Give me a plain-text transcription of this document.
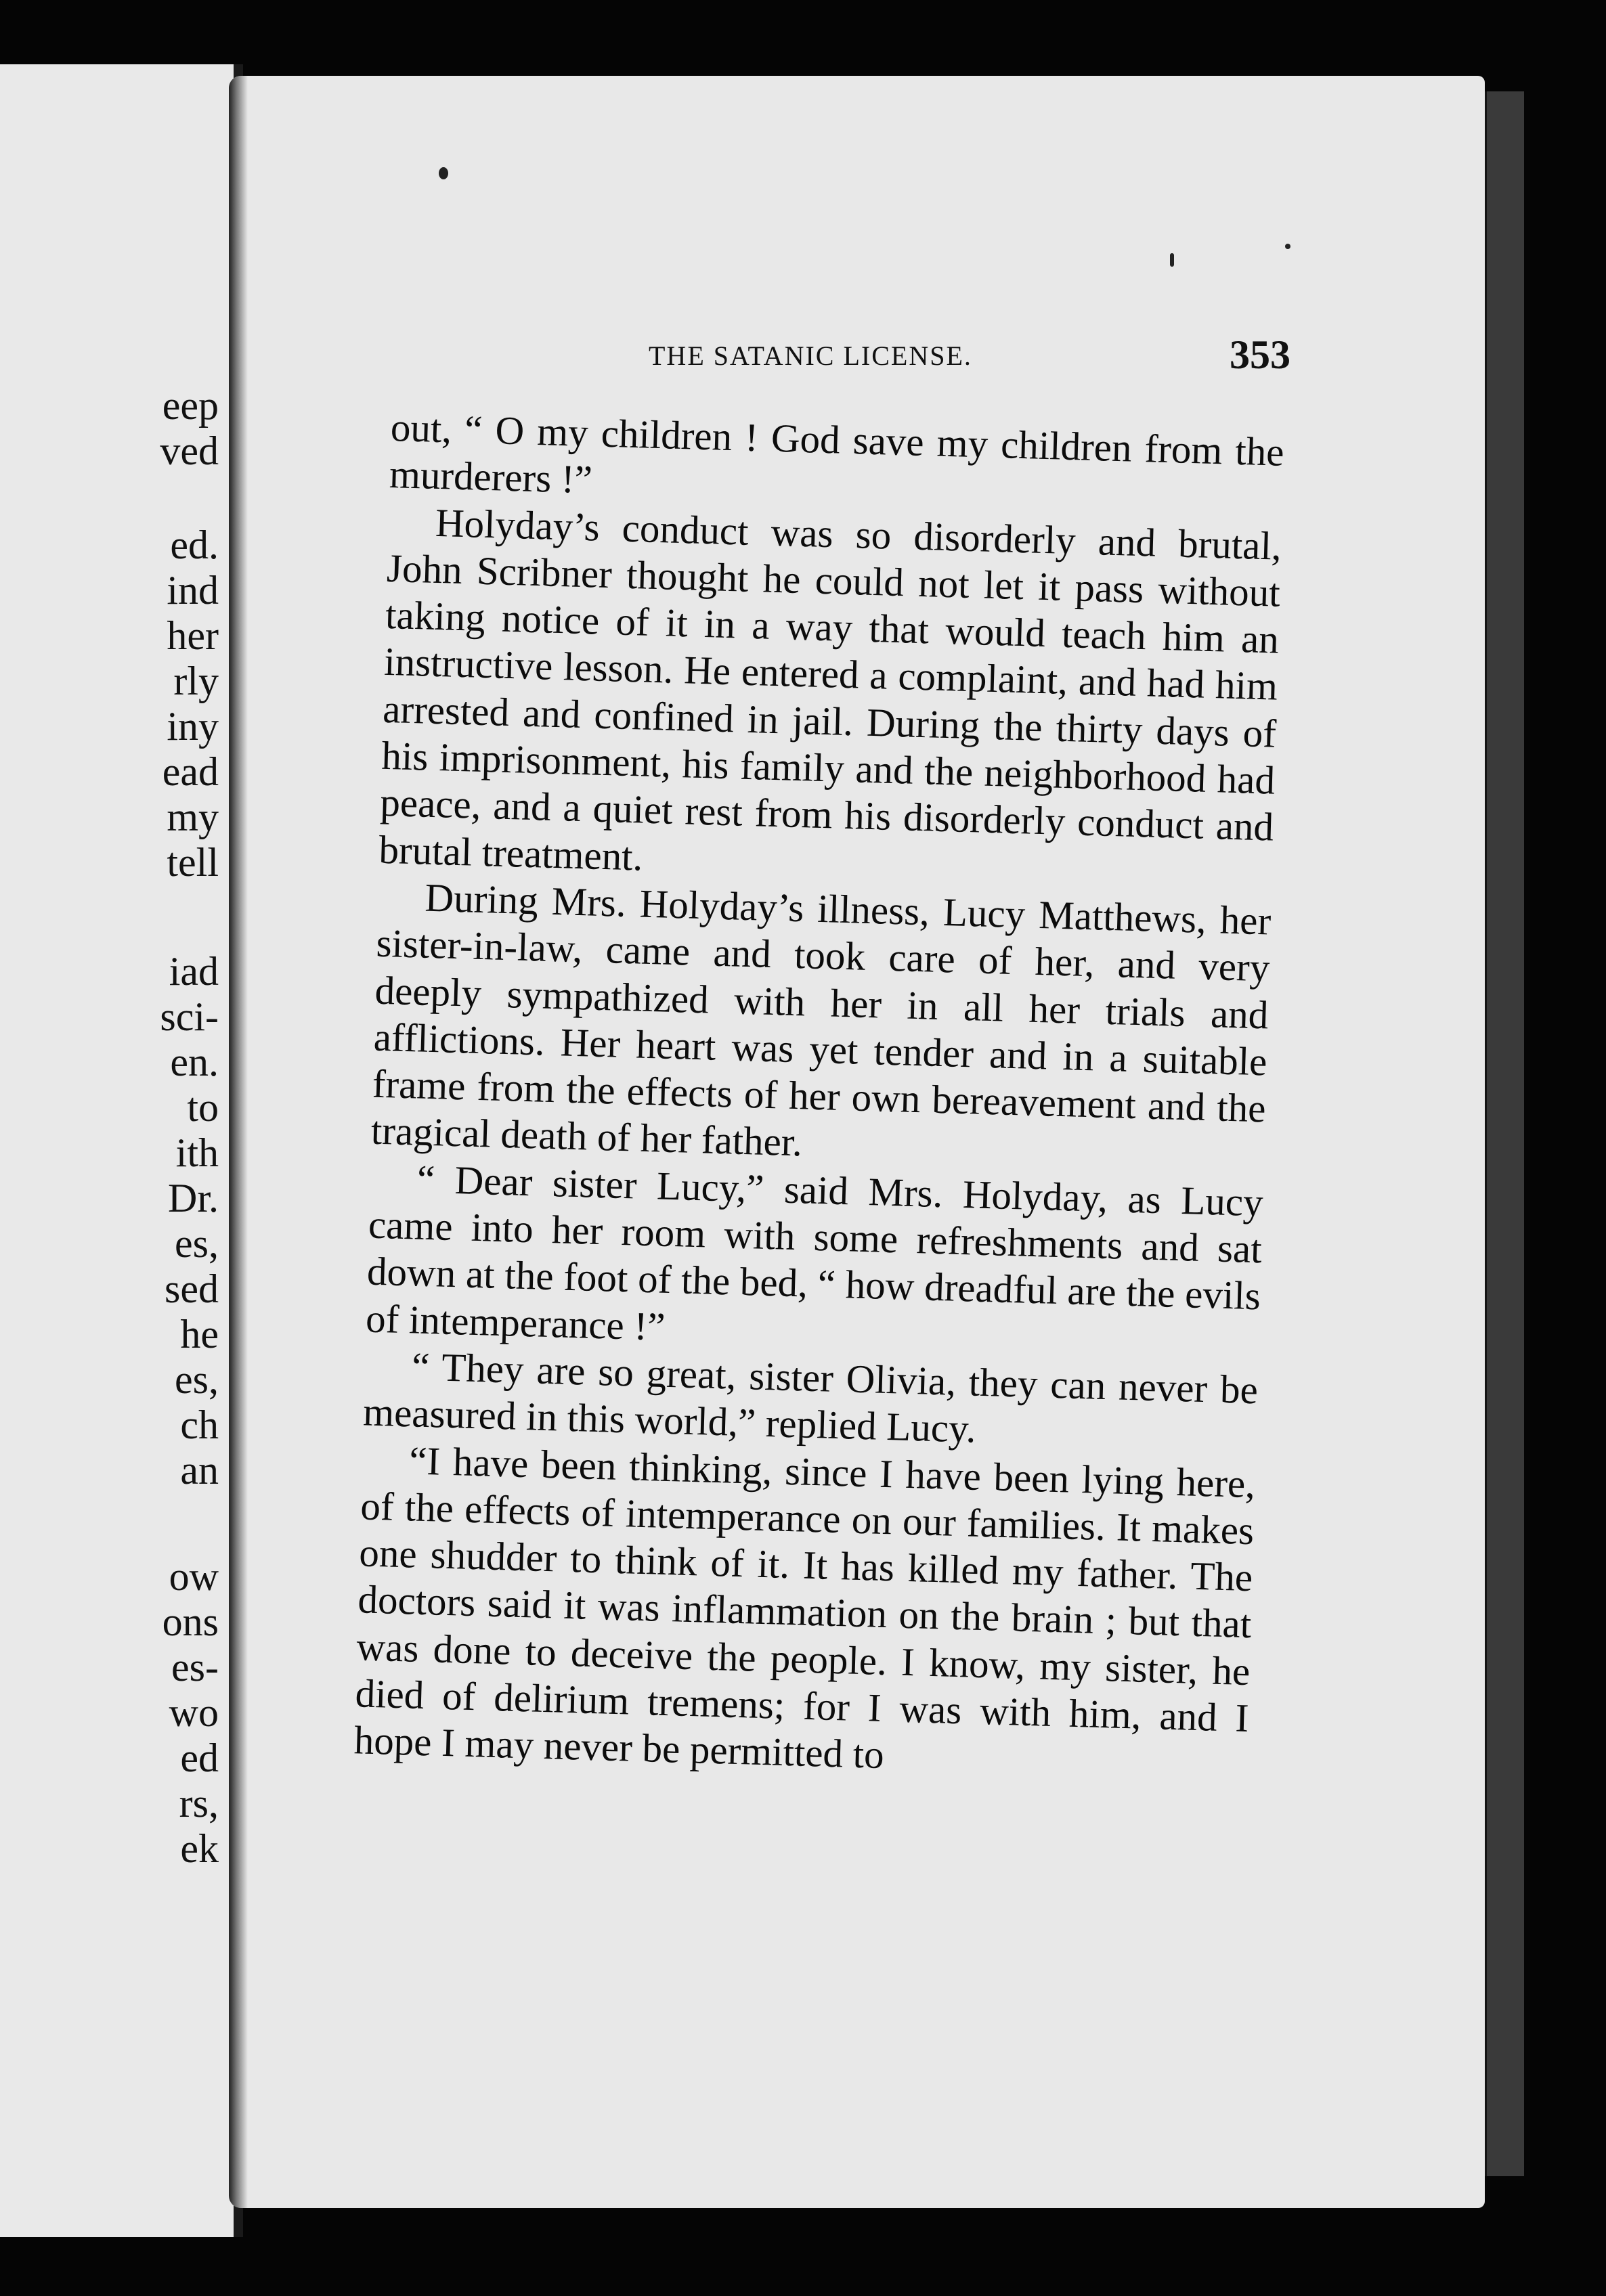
eep
ved
ed.
ind
her
rly
iny
ead
my
tell
iad
sci-
en.
to
ith
Dr.
es,
sed
he
es,
ch
an
ow
ons
es-
wo
ed
rs,
ek
THE SATANIC LICENSE.	353

out, “ O my children ! God save my children from the murderers !”

Holyday’s conduct was so disorderly and brutal, John Scribner thought he could not let it pass without taking notice of it in a way that would teach him an instructive lesson. He entered a complaint, and had him arrested and confined in jail. During the thirty days of his imprisonment, his family and the neighborhood had peace, and a quiet rest from his disorderly conduct and brutal treatment.

During Mrs. Holyday’s illness, Lucy Matthews, her sister-in-law, came and took care of her, and very deeply sympathized with her in all her trials and afflictions. Her heart was yet tender and in a suitable frame from the effects of her own bereavement and the tragical death of her father.

“ Dear sister Lucy,” said Mrs. Holyday, as Lucy came into her room with some refreshments and sat down at the foot of the bed, “ how dreadful are the evils of intemperance !”

“ They are so great, sister Olivia, they can never be measured in this world,” replied Lucy.

“I have been thinking, since I have been lying here, of the effects of intemperance on our families. It makes one shudder to think of it. It has killed my father. The doctors said it was inflammation on the brain ; but that was done to deceive the people. I know, my sister, he died of delirium tremens; for I was with him, and I hope I may never be permitted to
